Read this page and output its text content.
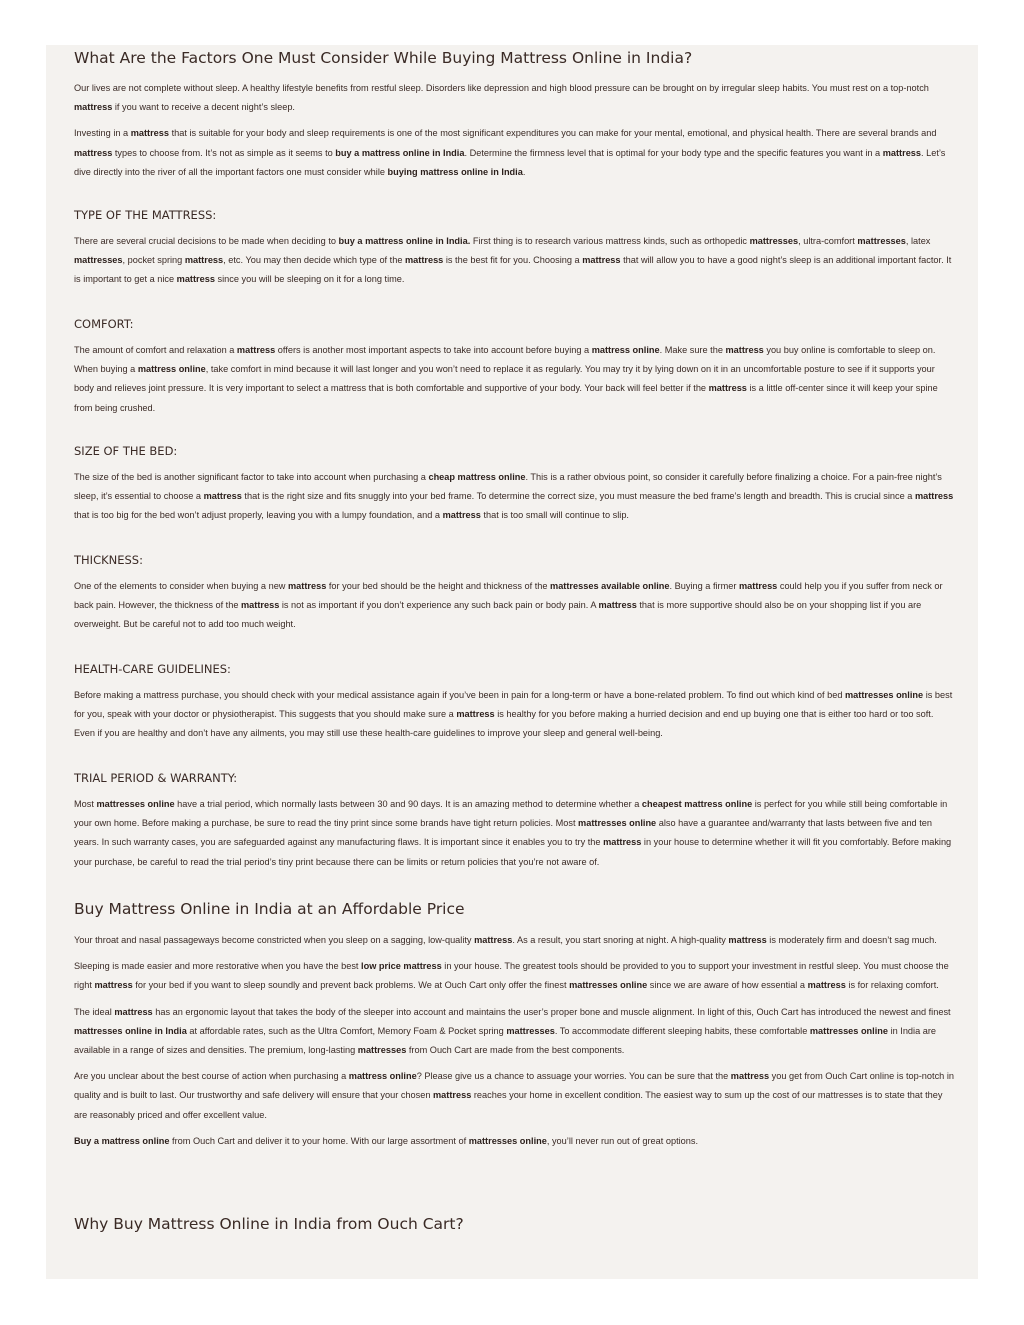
What Are the Factors One Must Consider While Buying Mattress Online in India?

Our lives are not complete without sleep. A healthy lifestyle benefits from restful sleep. Disorders like depression and high blood pressure can be brought on by irregular sleep habits. You must rest on a top-notch mattress if you want to receive a decent night’s sleep.

Investing in a mattress that is suitable for your body and sleep requirements is one of the most significant expenditures you can make for your mental, emotional, and physical health. There are several brands and mattress types to choose from. It’s not as simple as it seems to buy a mattress online in India. Determine the firmness level that is optimal for your body type and the specific features you want in a mattress. Let’s dive directly into the river of all the important factors one must consider while buying mattress online in India.

TYPE OF THE MATTRESS:

There are several crucial decisions to be made when deciding to buy a mattress online in India. First thing is to research various mattress kinds, such as orthopedic mattresses, ultra-comfort mattresses, latex mattresses, pocket spring mattress, etc. You may then decide which type of the mattress is the best fit for you. Choosing a mattress that will allow you to have a good night’s sleep is an additional important factor. It is important to get a nice mattress since you will be sleeping on it for a long time.

COMFORT:

The amount of comfort and relaxation a mattress offers is another most important aspects to take into account before buying a mattress online. Make sure the mattress you buy online is comfortable to sleep on. When buying a mattress online, take comfort in mind because it will last longer and you won’t need to replace it as regularly. You may try it by lying down on it in an uncomfortable posture to see if it supports your body and relieves joint pressure. It is very important to select a mattress that is both comfortable and supportive of your body. Your back will feel better if the mattress is a little off-center since it will keep your spine from being crushed.

SIZE OF THE BED:

The size of the bed is another significant factor to take into account when purchasing a cheap mattress online. This is a rather obvious point, so consider it carefully before finalizing a choice. For a pain-free night’s sleep, it’s essential to choose a mattress that is the right size and fits snuggly into your bed frame. To determine the correct size, you must measure the bed frame’s length and breadth. This is crucial since a mattress that is too big for the bed won’t adjust properly, leaving you with a lumpy foundation, and a mattress that is too small will continue to slip.

THICKNESS:

One of the elements to consider when buying a new mattress for your bed should be the height and thickness of the mattresses available online. Buying a firmer mattress could help you if you suffer from neck or back pain. However, the thickness of the mattress is not as important if you don’t experience any such back pain or body pain. A mattress that is more supportive should also be on your shopping list if you are overweight. But be careful not to add too much weight.

HEALTH-CARE GUIDELINES:

Before making a mattress purchase, you should check with your medical assistance again if you’ve been in pain for a long-term or have a bone-related problem. To find out which kind of bed mattresses online is best for you, speak with your doctor or physiotherapist. This suggests that you should make sure a mattress is healthy for you before making a hurried decision and end up buying one that is either too hard or too soft. Even if you are healthy and don’t have any ailments, you may still use these health-care guidelines to improve your sleep and general well-being.

TRIAL PERIOD & WARRANTY:

Most mattresses online have a trial period, which normally lasts between 30 and 90 days. It is an amazing method to determine whether a cheapest mattress online is perfect for you while still being comfortable in your own home. Before making a purchase, be sure to read the tiny print since some brands have tight return policies. Most mattresses online also have a guarantee and/warranty that lasts between five and ten years. In such warranty cases, you are safeguarded against any manufacturing flaws. It is important since it enables you to try the mattress in your house to determine whether it will fit you comfortably. Before making your purchase, be careful to read the trial period’s tiny print because there can be limits or return policies that you’re not aware of.

Buy Mattress Online in India at an Affordable Price

Your throat and nasal passageways become constricted when you sleep on a sagging, low-quality mattress. As a result, you start snoring at night. A high-quality mattress is moderately firm and doesn’t sag much.

Sleeping is made easier and more restorative when you have the best low price mattress in your house. The greatest tools should be provided to you to support your investment in restful sleep. You must choose the right mattress for your bed if you want to sleep soundly and prevent back problems. We at Ouch Cart only offer the finest mattresses online since we are aware of how essential a mattress is for relaxing comfort.

The ideal mattress has an ergonomic layout that takes the body of the sleeper into account and maintains the user’s proper bone and muscle alignment. In light of this, Ouch Cart has introduced the newest and finest mattresses online in India at affordable rates, such as the Ultra Comfort, Memory Foam & Pocket spring mattresses. To accommodate different sleeping habits, these comfortable mattresses online in India are available in a range of sizes and densities. The premium, long-lasting mattresses from Ouch Cart are made from the best components.

Are you unclear about the best course of action when purchasing a mattress online? Please give us a chance to assuage your worries. You can be sure that the mattress you get from Ouch Cart online is top-notch in quality and is built to last. Our trustworthy and safe delivery will ensure that your chosen mattress reaches your home in excellent condition. The easiest way to sum up the cost of our mattresses is to state that they are reasonably priced and offer excellent value.

Buy a mattress online from Ouch Cart and deliver it to your home. With our large assortment of mattresses online, you’ll never run out of great options.

Why Buy Mattress Online in India from Ouch Cart?
